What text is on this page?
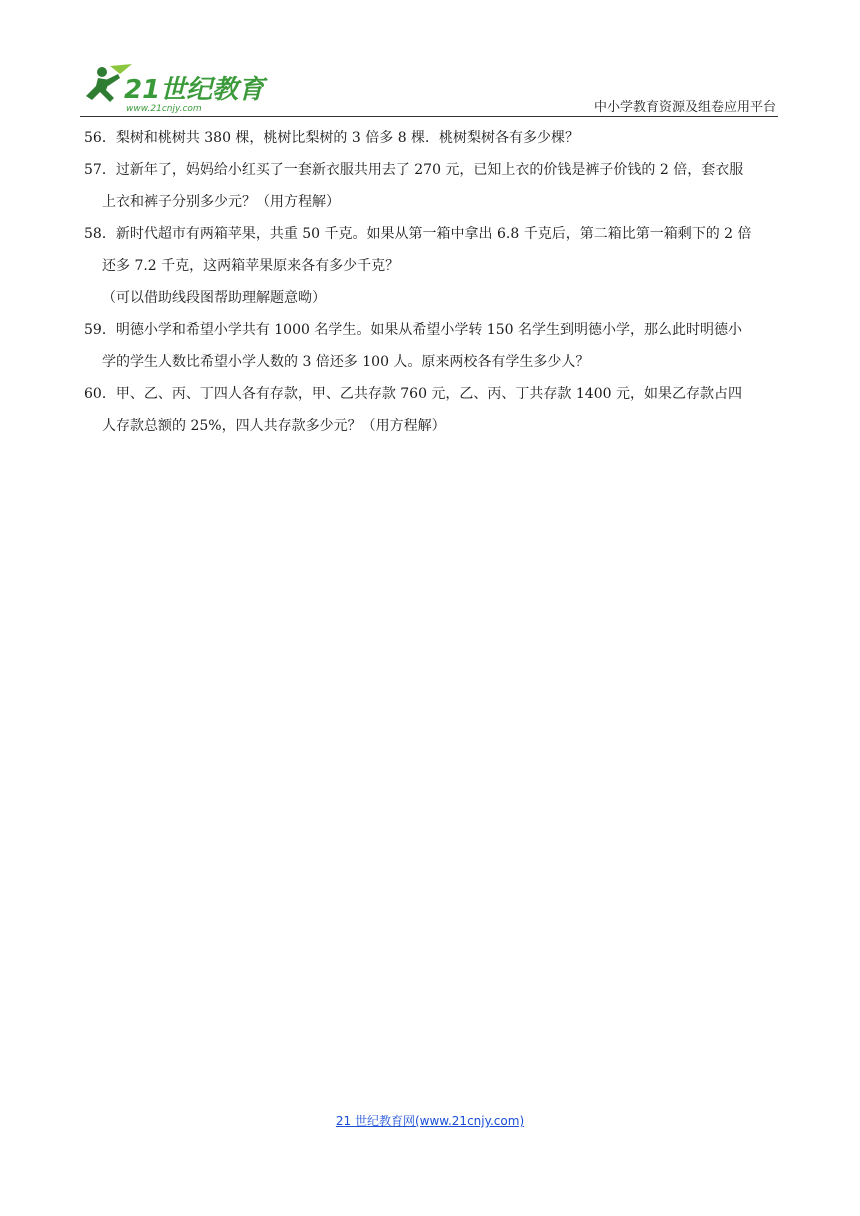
21世纪教育
www.21cnjy.com	中小学教育资源及组卷应用平台
56．梨树和桃树共 380 棵，桃树比梨树的 3 倍多 8 棵．桃树梨树各有多少棵？
57．过新年了，妈妈给小红买了一套新衣服共用去了 270 元，已知上衣的价钱是裤子价钱的 2 倍，套衣服
上衣和裤子分别多少元？（用方程解）
58．新时代超市有两箱苹果，共重 50 千克。如果从第一箱中拿出 6.8 千克后，第二箱比第一箱剩下的 2 倍
还多 7.2 千克，这两箱苹果原来各有多少千克？
（可以借助线段图帮助理解题意呦）
59．明德小学和希望小学共有 1000 名学生。如果从希望小学转 150 名学生到明德小学，那么此时明德小
学的学生人数比希望小学人数的 3 倍还多 100 人。原来两校各有学生多少人？
60．甲、乙、丙、丁四人各有存款，甲、乙共存款 760 元，乙、丙、丁共存款 1400 元，如果乙存款占四
人存款总额的 25%，四人共存款多少元？（用方程解）
21 世纪教育网(www.21cnjy.com)
